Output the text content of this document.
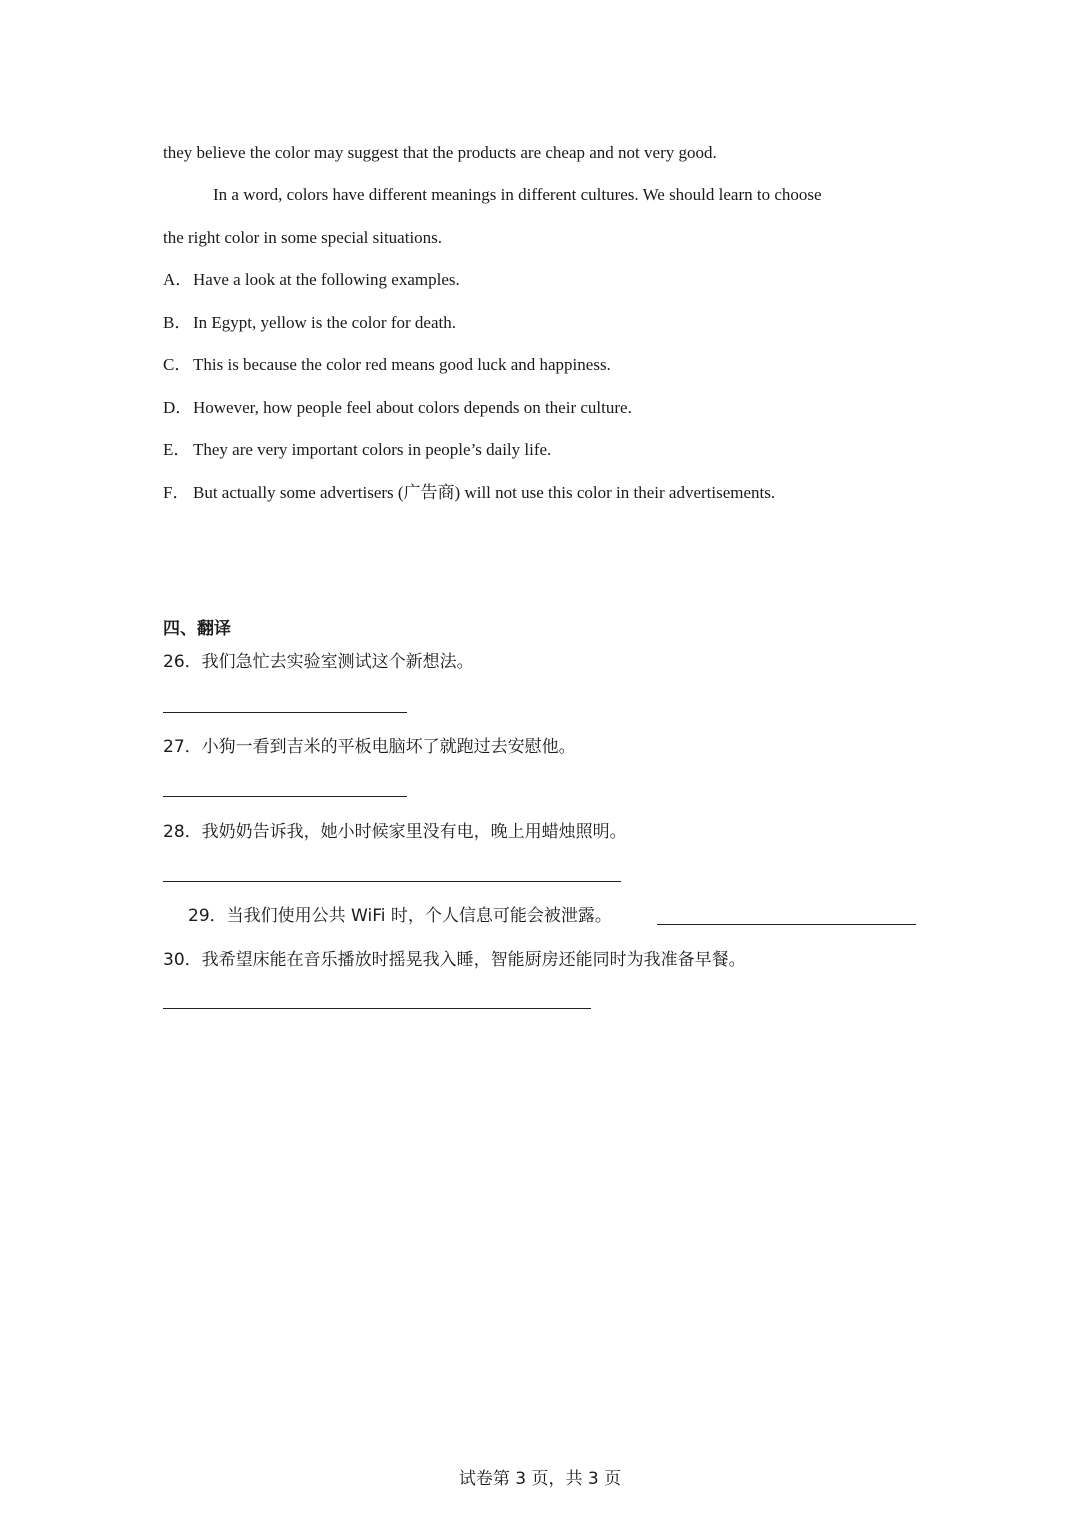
they believe the color may suggest that the products are cheap and not very good.
In a word, colors have different meanings in different cultures. We should learn to choose
the right color in some special situations.
A．Have a look at the following examples.
B．In Egypt, yellow is the color for death.
C．This is because the color red means good luck and happiness.
D．However, how people feel about colors depends on their culture.
E． They are very important colors in people’s daily life.
F． But actually some advertisers (广告商) will not use this color in their advertisements.
四、翻译
26．我们急忙去实验室测试这个新想法。
27．小狗一看到吉米的平板电脑坏了就跑过去安慰他。
28．我奶奶告诉我，她小时候家里没有电，晚上用蜡烛照明。
29．当我们使用公共 WiFi 时，个人信息可能会被泄露。
30．我希望床能在音乐播放时摇晃我入睡，智能厨房还能同时为我准备早餐。
试卷第 3 页，共 3 页
